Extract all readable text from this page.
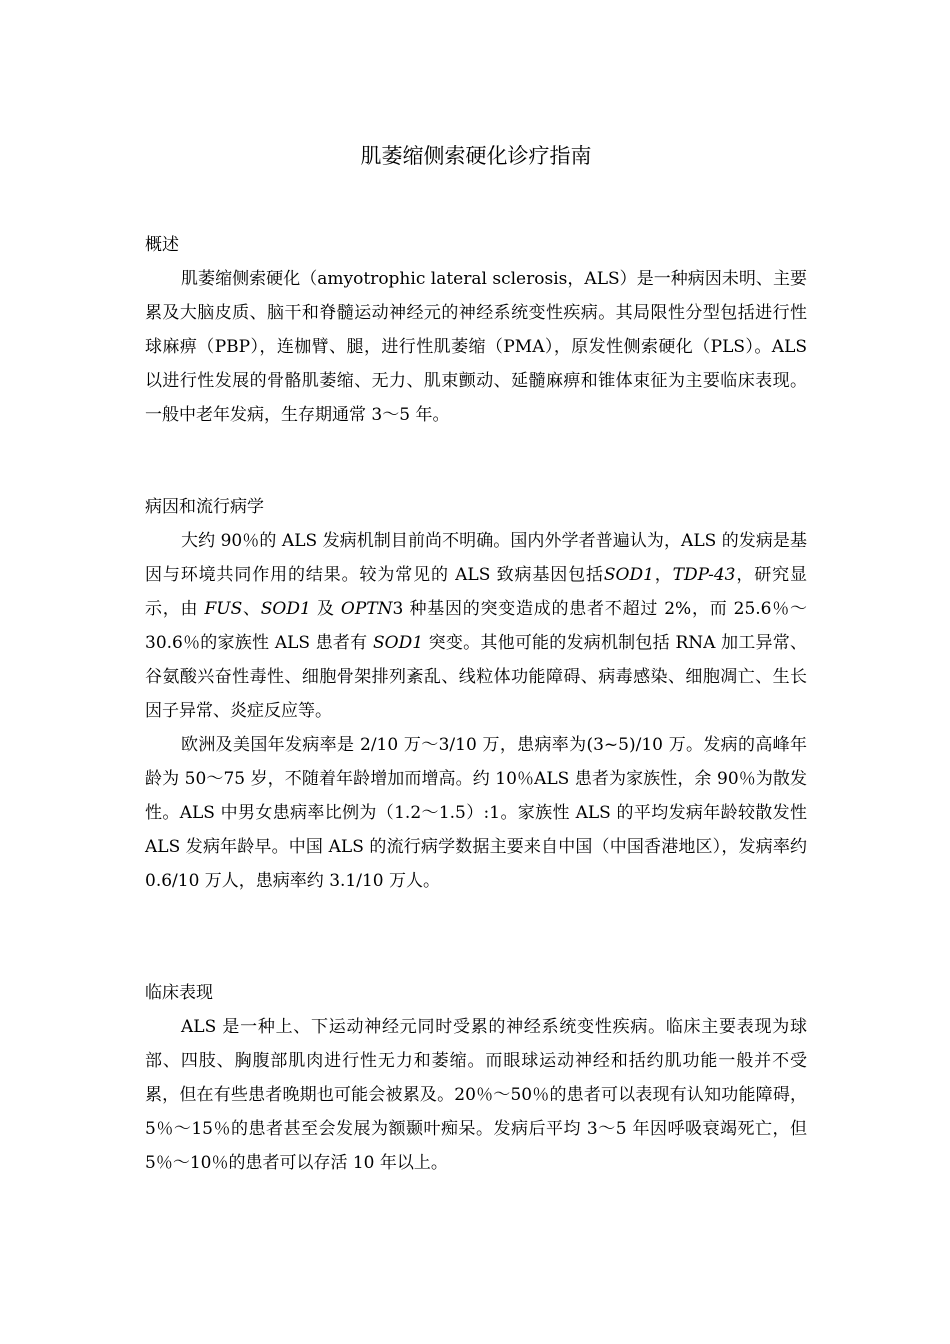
肌萎缩侧索硬化诊疗指南

概述

肌萎缩侧索硬化（amyotrophic lateral sclerosis，ALS）是一种病因未明、主要累及大脑皮质、脑干和脊髓运动神经元的神经系统变性疾病。其局限性分型包括进行性球麻痹（PBP），连枷臂、腿，进行性肌萎缩（PMA），原发性侧索硬化（PLS）。ALS 以进行性发展的骨骼肌萎缩、无力、肌束颤动、延髓麻痹和锥体束征为主要临床表现。一般中老年发病，生存期通常 3～5 年。

病因和流行病学

大约 90％的 ALS 发病机制目前尚不明确。国内外学者普遍认为，ALS 的发病是基因与环境共同作用的结果。较为常见的 ALS 致病基因包括SOD1，TDP-43，研究显示，由 FUS、SOD1 及 OPTN3 种基因的突变造成的患者不超过 2%，而 25.6％～30.6％的家族性 ALS 患者有 SOD1 突变。其他可能的发病机制包括 RNA 加工异常、谷氨酸兴奋性毒性、细胞骨架排列紊乱、线粒体功能障碍、病毒感染、细胞凋亡、生长因子异常、炎症反应等。

欧洲及美国年发病率是 2/10 万～3/10 万，患病率为(3~5)/10 万。发病的高峰年龄为 50～75 岁，不随着年龄增加而增高。约 10％ALS 患者为家族性，余 90％为散发性。ALS 中男女患病率比例为（1.2～1.5）:1。家族性 ALS 的平均发病年龄较散发性 ALS 发病年龄早。中国 ALS 的流行病学数据主要来自中国（中国香港地区），发病率约 0.6/10 万人，患病率约 3.1/10 万人。

临床表现

ALS 是一种上、下运动神经元同时受累的神经系统变性疾病。临床主要表现为球部、四肢、胸腹部肌肉进行性无力和萎缩。而眼球运动神经和括约肌功能一般并不受累，但在有些患者晚期也可能会被累及。20％～50％的患者可以表现有认知功能障碍，5％～15％的患者甚至会发展为额颞叶痴呆。发病后平均 3～5 年因呼吸衰竭死亡，但 5％～10％的患者可以存活 10 年以上。
